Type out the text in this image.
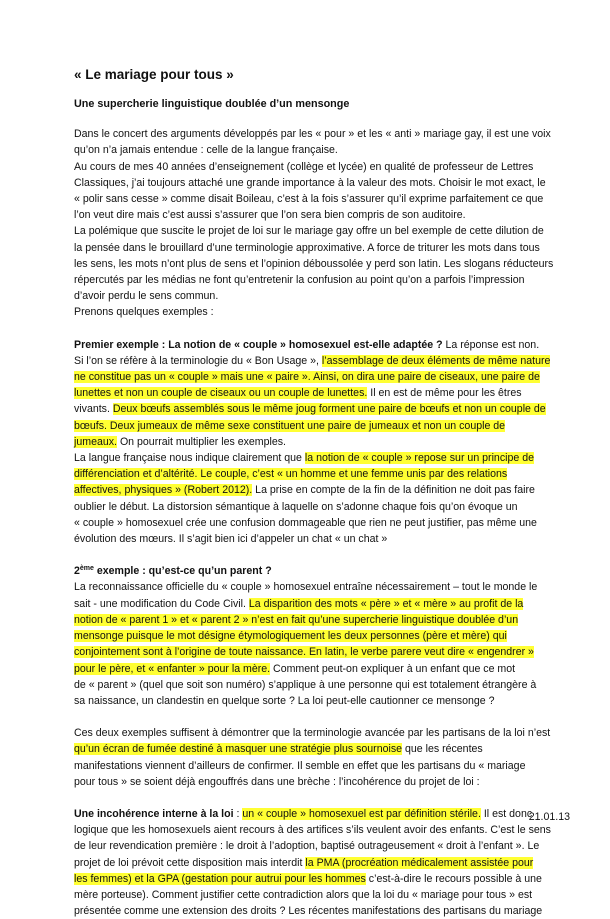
« Le mariage pour tous »
Une supercherie linguistique doublée d’un mensonge

Dans le concert des arguments développés par les « pour » et les « anti » mariage gay, il est une voix

qu’on n’a jamais entendue : celle de la langue française.

Au cours de mes 40 années d’enseignement (collège et lycée) en qualité de professeur de Lettres

Classiques, j’ai toujours attaché une grande importance à la valeur des mots. Choisir le mot exact, le

« polir sans cesse » comme disait Boileau, c’est à la fois s’assurer qu’il exprime parfaitement ce que

l’on veut dire mais c’est aussi s’assurer que l’on sera bien compris de son auditoire.

La polémique que suscite le projet de loi sur le mariage gay offre un bel exemple de cette dilution de

la pensée dans le brouillard d’une terminologie approximative. A force de triturer les mots dans tous

les sens, les mots n’ont plus de sens et l’opinion déboussolée y perd son latin. Les slogans réducteurs

répercutés par les médias ne font qu’entretenir la confusion au point qu’on a parfois l’impression

d’avoir perdu le sens commun.

Prenons quelques exemples :

Premier exemple : La notion de « couple » homosexuel est-elle adaptée ? La réponse est non.

Si l’on se réfère à la terminologie du « Bon Usage », l’assemblage de deux éléments de même nature

ne constitue pas un « couple » mais une « paire ». Ainsi, on dira une paire de ciseaux, une paire de

lunettes et non un couple de ciseaux ou un couple de lunettes. Il en est de même pour les êtres

vivants. Deux bœufs assemblés sous le même joug forment une paire de bœufs et non un couple de

bœufs. Deux jumeaux de même sexe constituent une paire de jumeaux et non un couple de

jumeaux. On pourrait multiplier les exemples.

La langue française nous indique clairement que la notion de « couple » repose sur un principe de

différenciation et d’altérité. Le couple, c’est « un homme et une femme unis par des relations

affectives, physiques » (Robert 2012). La prise en compte de la fin de la définition ne doit pas faire

oublier le début. La distorsion sémantique à laquelle on s’adonne chaque fois qu’on évoque un

« couple » homosexuel crée une confusion dommageable que rien ne peut justifier, pas même une

évolution des mœurs. Il s’agit bien ici d’appeler un chat « un chat »

2ème exemple : qu’est-ce qu’un parent ?

La reconnaissance officielle du « couple » homosexuel entraîne nécessairement – tout le monde le

sait - une modification du Code Civil. La disparition des mots « père » et « mère » au profit de la

notion de « parent 1 » et « parent 2 » n’est en fait qu’une supercherie linguistique doublée d’un

mensonge puisque le mot désigne étymologiquement les deux personnes (père et mère) qui

conjointement sont à l’origine de toute naissance. En latin, le verbe parere veut dire « engendrer »

pour le père, et « enfanter » pour la mère. Comment peut-on expliquer à un enfant que ce mot

de « parent » (quel que soit son numéro) s’applique à une personne qui est totalement étrangère à

sa naissance, un clandestin en quelque sorte ? La loi peut-elle cautionner ce mensonge ?

Ces deux exemples suffisent à démontrer que la terminologie avancée par les partisans de la loi n’est

qu’un écran de fumée destiné à masquer une stratégie plus sournoise que les récentes

manifestations viennent d’ailleurs de confirmer. Il semble en effet que les partisans du « mariage

pour tous » se soient déjà engouffrés dans une brèche : l’incohérence du projet de loi :

Une incohérence interne à la loi : un « couple » homosexuel est par définition stérile. Il est donc

logique que les homosexuels aient recours à des artifices s’ils veulent avoir des enfants. C’est le sens

de leur revendication première : le droit à l’adoption, baptisé outrageusement « droit à l’enfant ». Le

projet de loi prévoit cette disposition mais interdit la PMA (procréation médicalement assistée pour

les femmes) et la GPA (gestation pour autrui pour les hommes c’est-à-dire le recours possible à une

mère porteuse). Comment justifier cette contradiction alors que la loi du « mariage pour tous » est

présentée comme une extension des droits ? Les récentes manifestations des partisans du mariage

21.01.13
